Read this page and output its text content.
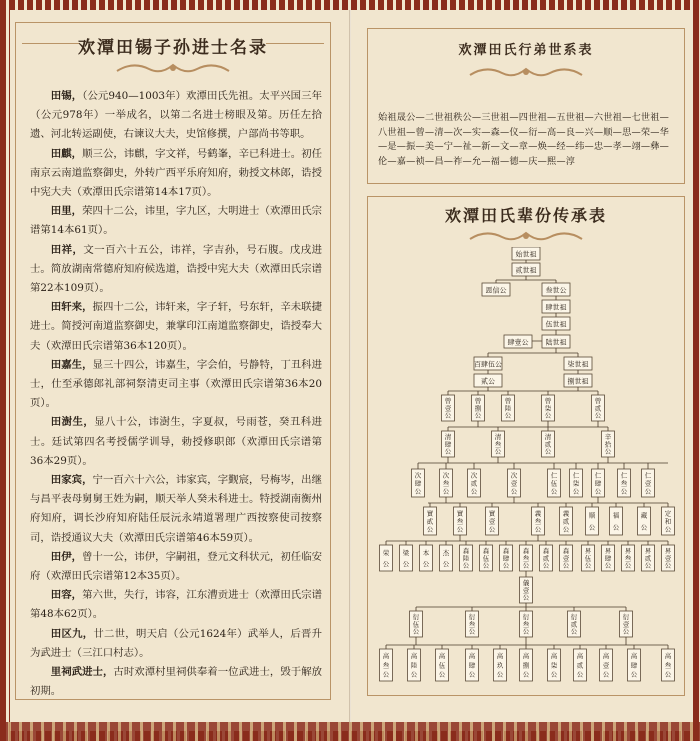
欢潭田锡子孙进士名录

田锡，（公元940—1003年）欢潭田氏先祖。太平兴国三年（公元978年）一举成名，以第二名进士榜眼及第。历任左拾遗、河北转运副使，右谏议大夫，史馆修撰，户部尚书等职。

田麒，顺三公，讳麒，字文祥，号鹤峯，辛已科进士。初任南京云南道监察御史，外转广西平乐府知府，勅授文林郎，诰授中宪大夫（欢潭田氏宗谱第14本17页）。

田里，荣四十二公，讳里，字九区，大明进士（欢潭田氏宗谱第14本61页）。

田祥，文一百六十五公，讳祥，字吉孙，号石腹。戊戌进士。简放湖南常德府知府候选道，诰授中宪大夫（欢潭田氏宗谱第22本109页）。

田轩来，振四十二公，讳轩来，字子轩，号东轩，辛未联捷进士。简授河南道监察御史，兼掌印江南道监察御史，诰授奉大夫（欢潭田氏宗谱第36本120页）。

田嘉生，显三十四公，讳嘉生，字会伯，号静特，丁丑科进士，仕至承德郎礼部祠祭清吏司主事（欢潭田氏宗谱第36本20页）。

田澍生，显八十公，讳澍生，字夏叔，号雨苍，癸丑科进士。廷试第四名考授儒学训导，勅授修职郎（欢潭田氏宗谱第36本29页）。

田家宾，宁一百六十六公，讳家宾，字觐宸，号梅岑，出继与昌平表母舅舅王姓为嗣，顺天举人癸未科进士。特授湖南衡州府知府，调长沙府知府陆任辰沅永靖道署理广西按察使司按察司，诰授通议大夫（欢潭田氏宗谱第46本59页）。

田伊，曾十一公，讳伊，字嗣祖，登元文科状元，初任临安府（欢潭田氏宗谱第12本35页）。

田容，第六世，失行，讳容，江东漕贡进士（欢潭田氏宗谱第48本62页）。

田区九，廿二世，明天启（公元1624年）武举人，后晋升为武进士（三江口村志）。

里祠武进士，古时欢潭村里祠供奉着一位武进士，毁于解放初期。

欢潭田氏行弟世系表
始祖晟公—二世祖秩公—三世祖—四世祖—五世祖—六世祖—七世祖—八世祖—曾—清—次—实—森—仪—衍—高—良—兴—顺—思—荣—华—是—振—美—宁—祉—新—文—章—焕—经—纬—忠—孝—翊—彝—伦—嘉—祯—昌—祚—允—福—德—庆—熙—淳
欢潭田氏辈份传承表
始世祖
贰世祖
恩信公	叁世公
肆世祖
伍世祖
肆壹公 陆世祖
百肆伍公	柒世祖
贰公	捌世祖
曾
壹
公
曾
捌
公
曾
陸
公
曾
柒
公
曾
贰
公
清
肆
公
清
叁
公
清
贰
公
辛
拾
公
次
肆
公
次
叁
公
次
贰
公
次
壹
公
仁
伍
公
仁
柒
公
仁
肆
公
仁
叁
公
仁
壹
公
實
貳
公
實
叁
公
實
壹
公
義
叁
公
義
贰
公
顺
公
福
公
藏
公
定
和
公
荣
公
梁
公
本
公
杰
公
森
陸
公
森
伍
公
森
肆
公
森
叁
公
森
贰
公
森
壹
公
昇
伍
公
昇
肆
公
昇
叁
公
昇
贰
公
昇
壹
公
儀
壹
公
衍
伍
公
衍
叁
公
衍
叁
公
衍
贰
公
衍
壹
公
高
叁
公
高
陸
公
高
伍
公
高
肆
公
高
玖
公
高
捌
公
高
柒
公
高
贰
公
高
壹
公
高
肆
公
高
叁
公
